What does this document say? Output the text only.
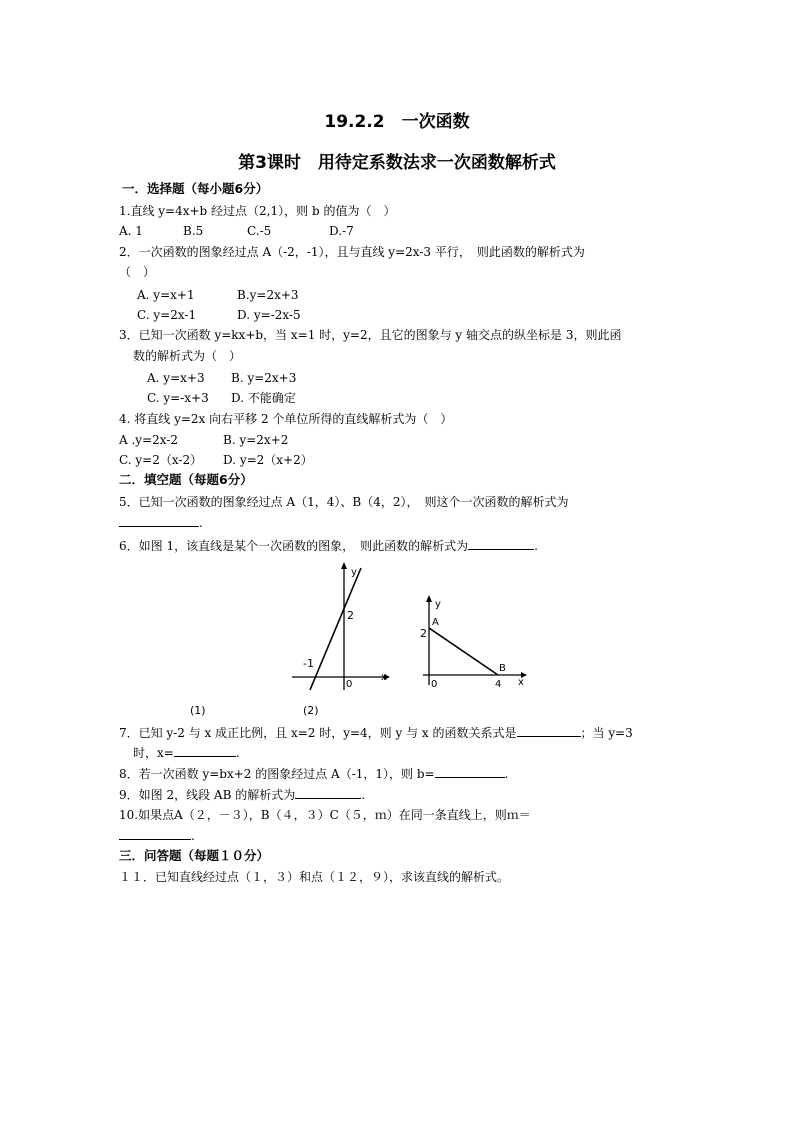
19.2.2　一次函数
第3课时　用待定系数法求一次函数解析式
一．选择题（每小题6分）
1.直线 y=4x+b 经过点（2,1），则 b 的值为（　）
A. 1	B.5	C.-5	D.-7
2．一次函数的图象经过点 A（-2，-1），且与直线 y=2x-3 平行，　则此函数的解析式为
（　）
A. y=x+1	B.y=2x+3
C. y=2x-1	D. y=-2x-5
3．已知一次函数 y=kx+b，当 x=1 时，y=2，且它的图象与 y 轴交点的纵坐标是 3，则此函
数的解析式为（　）
A. y=x+3 B. y=2x+3
C. y=-x+3 D. 不能确定
4. 将直线 y=2x 向右平移 2 个单位所得的直线解析式为（　）
A .y=2x-2	B. y=2x+2
C. y=2（x-2） D. y=2（x+2）
二．填空题（每题6分）
5．已知一次函数的图象经过点 A（1，4）、B（4，2），　则这个一次函数的解析式为
.
6．如图 1，该直线是某个一次函数的图象，　则此函数的解析式为	.
y
x
2
-1
0
y
x
A
2
B
4
0
(1)	(2)
7．已知 y-2 与 x 成正比例，且 x=2 时，y=4，则 y 与 x 的函数关系式是	；当 y=3
时，x=	.
8．若一次函数 y=bx+2 的图象经过点 A（-1，1），则 b=	.
9．如图 2，线段 AB 的解析式为	.
10.如果点A（２，－３），B（４，３）C（５，ｍ）在同一条直线上，则ｍ＝
.
三．问答题（每题１０分）
１１．已知直线经过点（１，３）和点（１２，９），求该直线的解析式。
